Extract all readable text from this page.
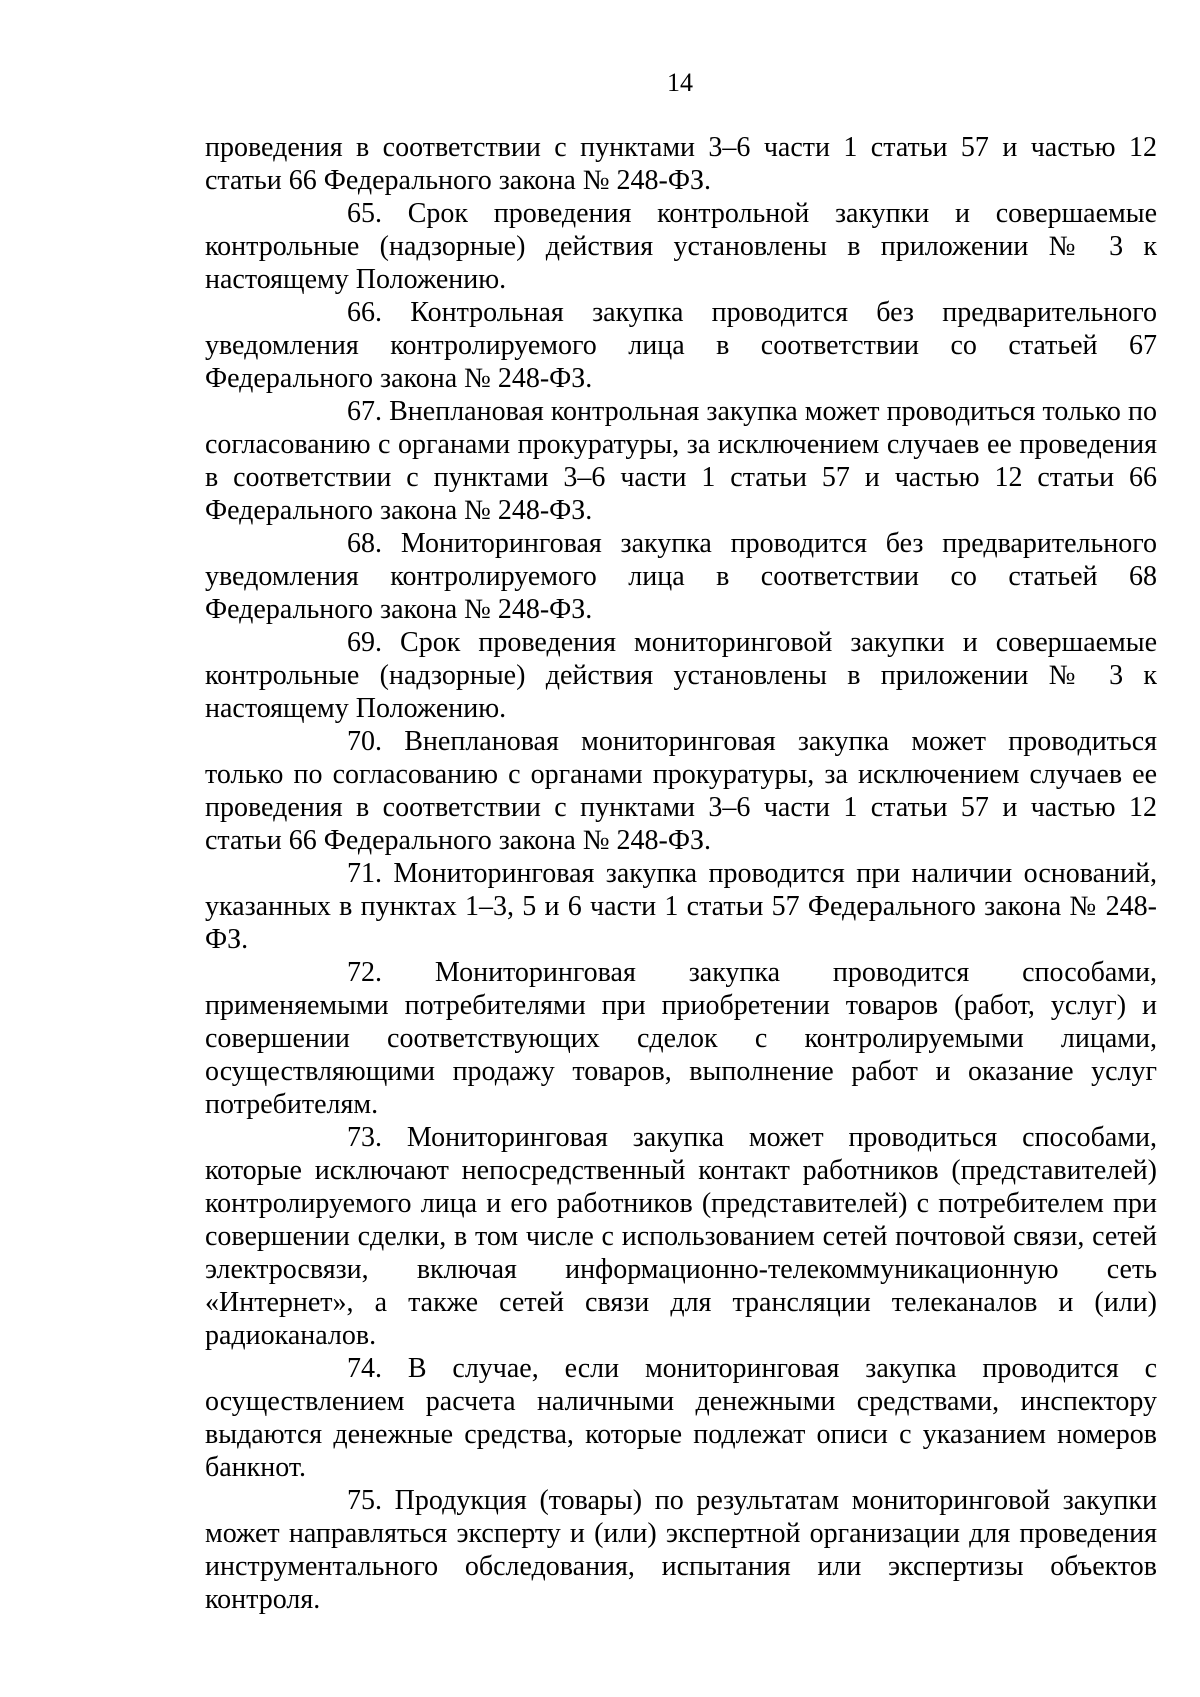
14

проведения в соответствии с пунктами 3–6 части 1 статьи 57 и частью 12 статьи 66 Федерального закона № 248-ФЗ.

65. Срок проведения контрольной закупки и совершаемые контрольные (надзорные) действия установлены в приложении № 3 к настоящему Положению.

66. Контрольная закупка проводится без предварительного уведомления контролируемого лица в соответствии со статьей 67 Федерального закона № 248-ФЗ.

67. Внеплановая контрольная закупка может проводиться только по согласованию с органами прокуратуры, за исключением случаев ее проведения в соответствии с пунктами 3–6 части 1 статьи 57 и частью 12 статьи 66 Федерального закона № 248-ФЗ.

68. Мониторинговая закупка проводится без предварительного уведомления контролируемого лица в соответствии со статьей 68 Федерального закона № 248-ФЗ.

69. Срок проведения мониторинговой закупки и совершаемые контрольные (надзорные) действия установлены в приложении № 3 к настоящему Положению.

70. Внеплановая мониторинговая закупка может проводиться только по согласованию с органами прокуратуры, за исключением случаев ее проведения в соответствии с пунктами 3–6 части 1 статьи 57 и частью 12 статьи 66 Федерального закона № 248-ФЗ.

71. Мониторинговая закупка проводится при наличии оснований, указанных в пунктах 1–3, 5 и 6 части 1 статьи 57 Федерального закона № 248-ФЗ.

72. Мониторинговая закупка проводится способами, применяемыми потребителями при приобретении товаров (работ, услуг) и совершении соответствующих сделок с контролируемыми лицами, осуществляющими продажу товаров, выполнение работ и оказание услуг потребителям.

73. Мониторинговая закупка может проводиться способами, которые исключают непосредственный контакт работников (представителей) контролируемого лица и его работников (представителей) с потребителем при совершении сделки, в том числе с использованием сетей почтовой связи, сетей электросвязи, включая информационно-телекоммуникационную сеть «Интернет», а также сетей связи для трансляции телеканалов и (или) радиоканалов.

74. В случае, если мониторинговая закупка проводится с осуществлением расчета наличными денежными средствами, инспектору выдаются денежные средства, которые подлежат описи с указанием номеров банкнот.

75. Продукция (товары) по результатам мониторинговой закупки может направляться эксперту и (или) экспертной организации для проведения инструментального обследования, испытания или экспертизы объектов контроля.
